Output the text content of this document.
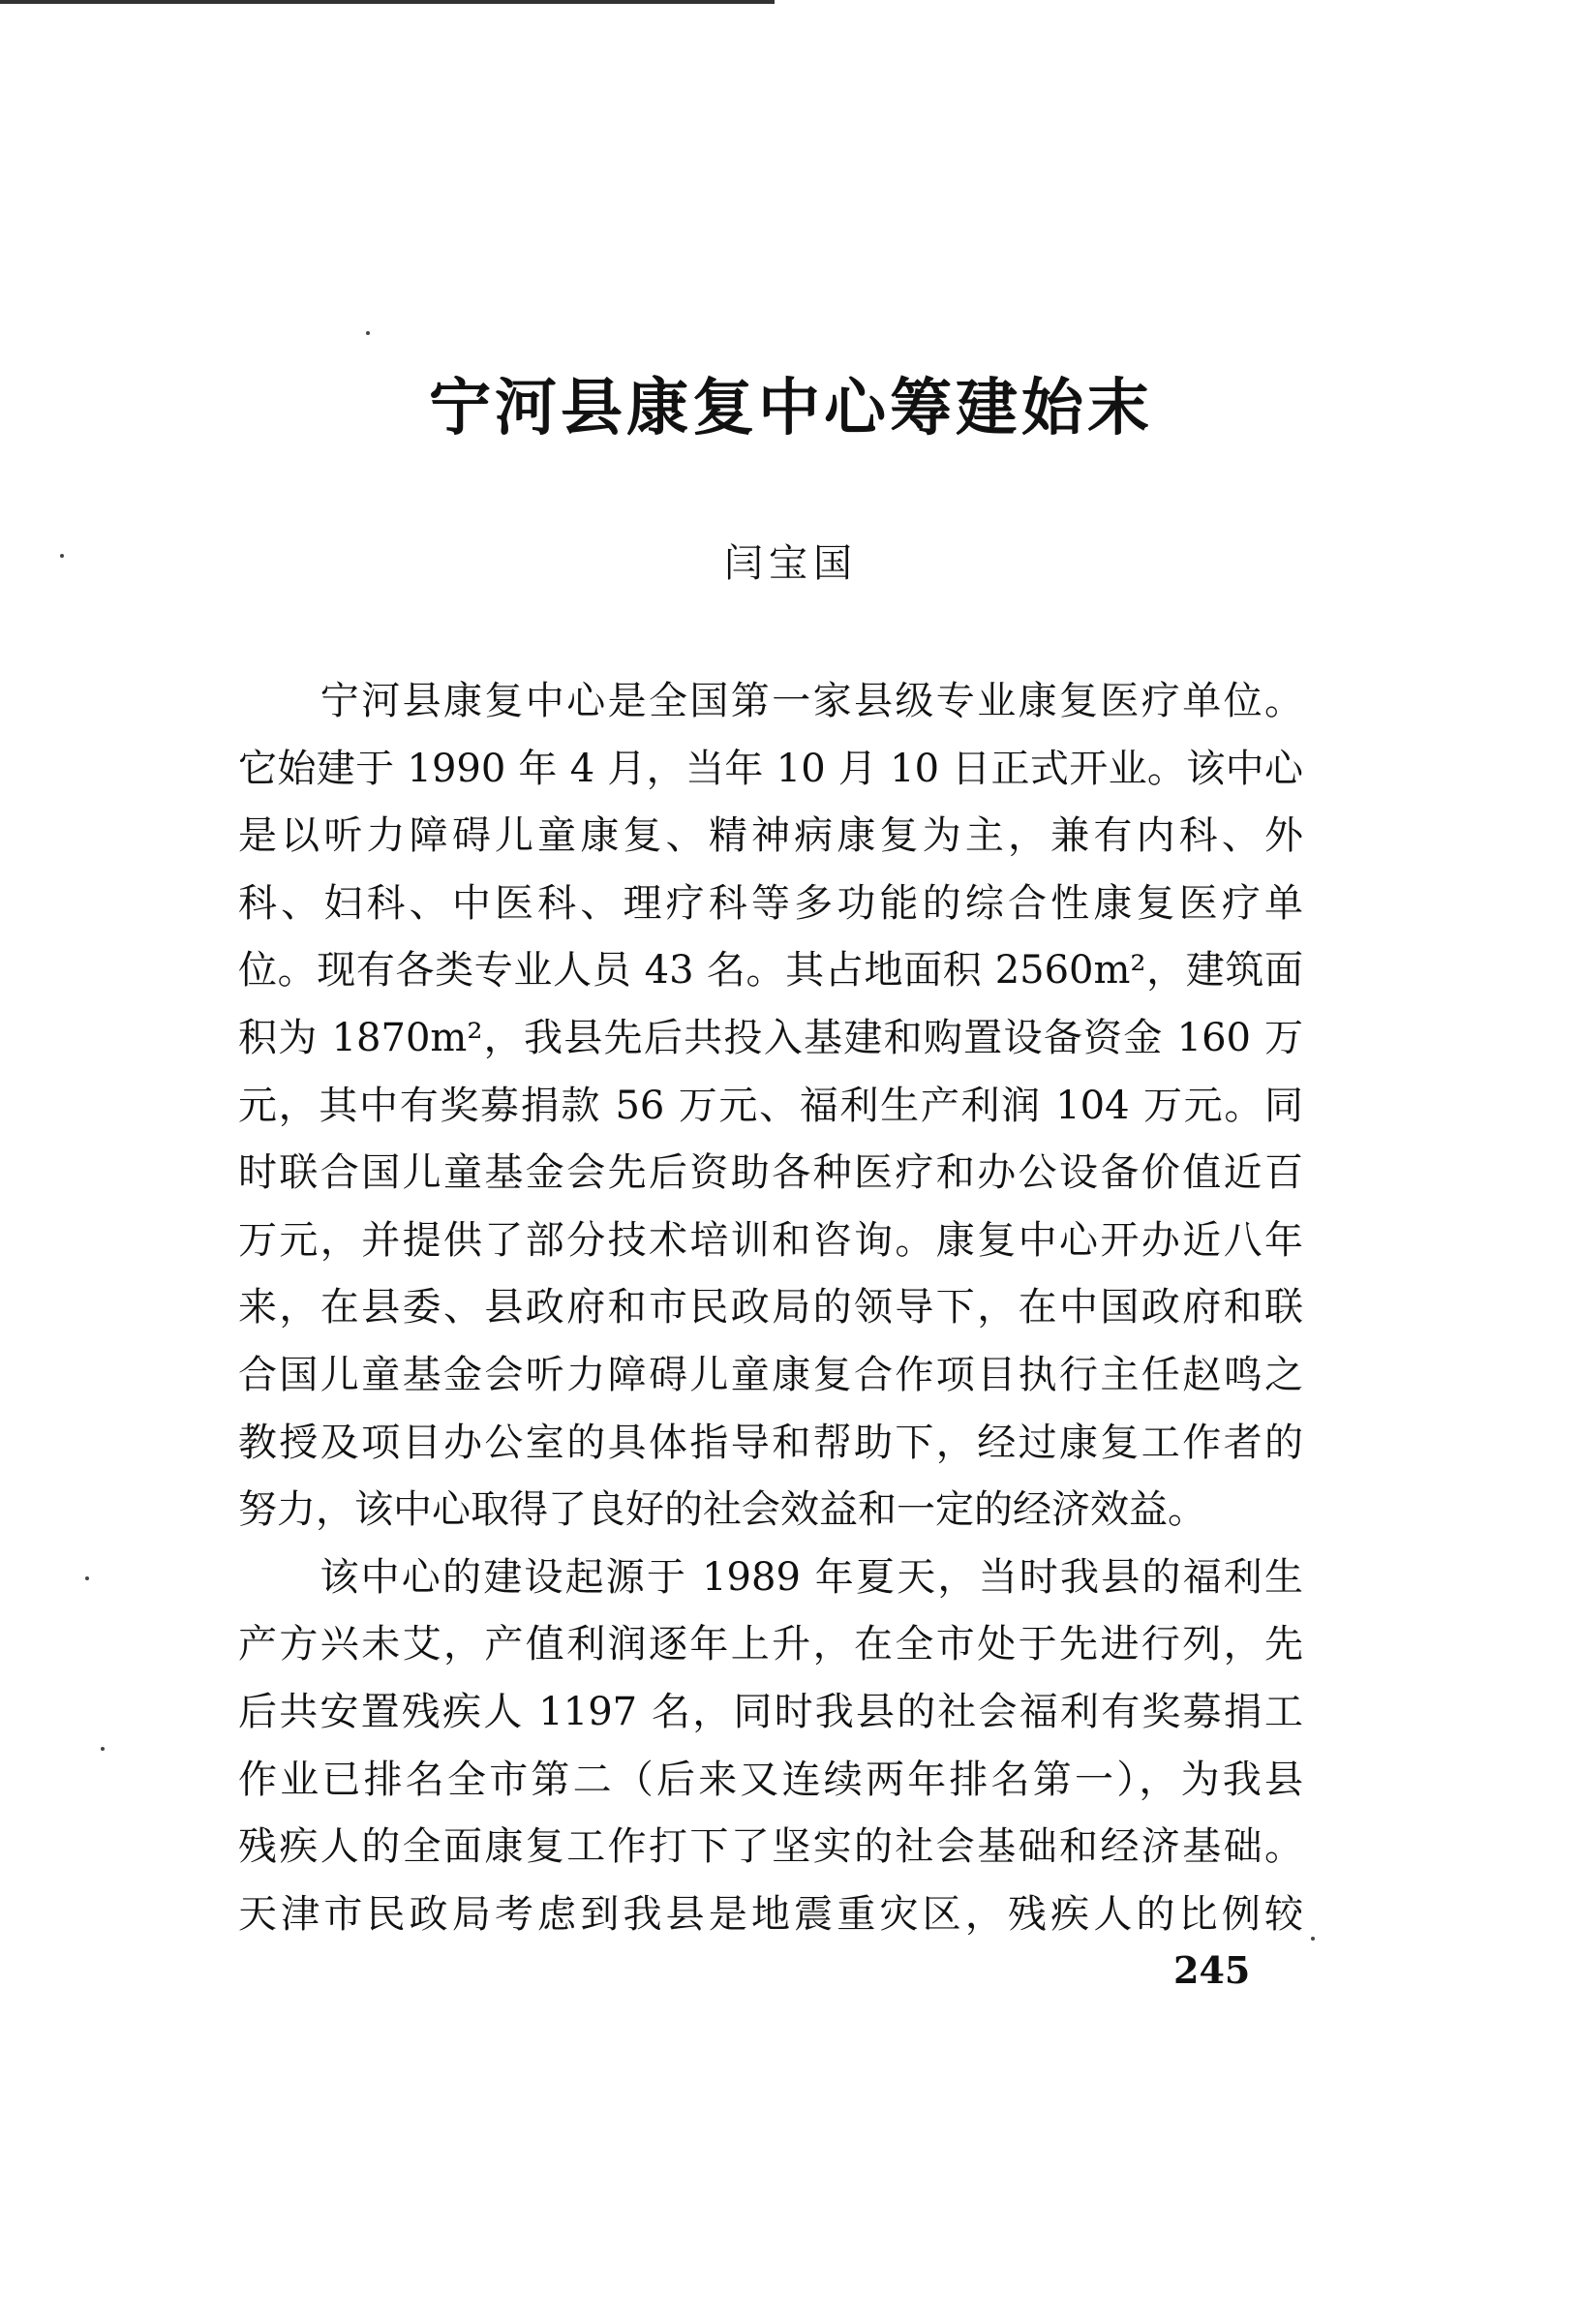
宁河县康复中心筹建始末
闫宝国
　　宁河县康复中心是全国第一家县级专业康复医疗单位。
它始建于 1990 年 4 月，当年 10 月 10 日正式开业。该中心
是以听力障碍儿童康复、精神病康复为主，兼有内科、外
科、妇科、中医科、理疗科等多功能的综合性康复医疗单
位。现有各类专业人员 43 名。其占地面积 2560m²，建筑面
积为 1870m²，我县先后共投入基建和购置设备资金 160 万
元，其中有奖募捐款 56 万元、福利生产利润 104 万元。同
时联合国儿童基金会先后资助各种医疗和办公设备价值近百
万元，并提供了部分技术培训和咨询。康复中心开办近八年
来，在县委、县政府和市民政局的领导下，在中国政府和联
合国儿童基金会听力障碍儿童康复合作项目执行主任赵鸣之
教授及项目办公室的具体指导和帮助下，经过康复工作者的
努力，该中心取得了良好的社会效益和一定的经济效益。
　　该中心的建设起源于 1989 年夏天，当时我县的福利生
产方兴未艾，产值利润逐年上升，在全市处于先进行列，先
后共安置残疾人 1197 名，同时我县的社会福利有奖募捐工
作业已排名全市第二（后来又连续两年排名第一），为我县
残疾人的全面康复工作打下了坚实的社会基础和经济基础。
天津市民政局考虑到我县是地震重灾区，残疾人的比例较
245
